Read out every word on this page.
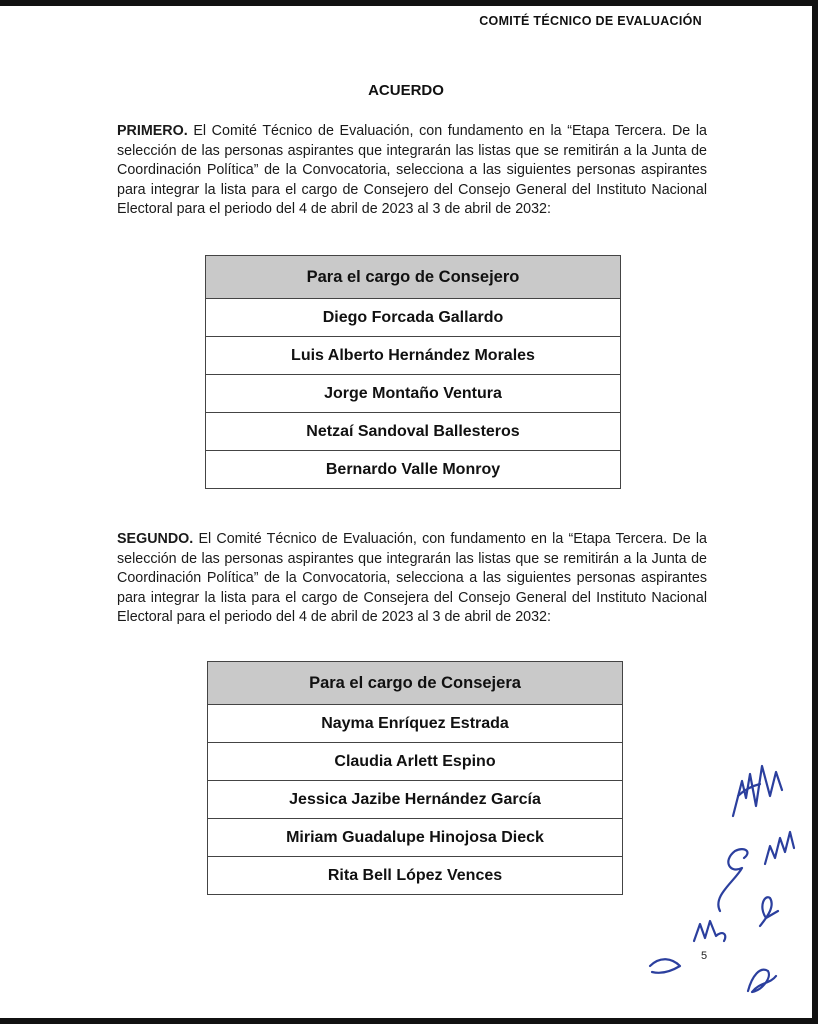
COMITÉ TÉCNICO DE EVALUACIÓN
ACUERDO
PRIMERO. El Comité Técnico de Evaluación, con fundamento en la “Etapa Tercera. De la selección de las personas aspirantes que integrarán las listas que se remitirán a la Junta de Coordinación Política” de la Convocatoria, selecciona a las siguientes personas aspirantes para integrar la lista para el cargo de Consejero del Consejo General del Instituto Nacional Electoral para el periodo del 4 de abril de 2023 al 3 de abril de 2032:
Para el cargo de Consejero
Diego Forcada Gallardo
Luis Alberto Hernández Morales
Jorge Montaño Ventura
Netzaí Sandoval Ballesteros
Bernardo Valle Monroy
SEGUNDO. El Comité Técnico de Evaluación, con fundamento en la “Etapa Tercera. De la selección de las personas aspirantes que integrarán las listas que se remitirán a la Junta de Coordinación Política” de la Convocatoria, selecciona a las siguientes personas aspirantes para integrar la lista para el cargo de Consejera del Consejo General del Instituto Nacional Electoral para el periodo del 4 de abril de 2023 al 3 de abril de 2032:
Para el cargo de Consejera
Nayma Enríquez Estrada
Claudia Arlett Espino
Jessica Jazibe Hernández García
Miriam Guadalupe Hinojosa Dieck
Rita Bell López Vences
5
